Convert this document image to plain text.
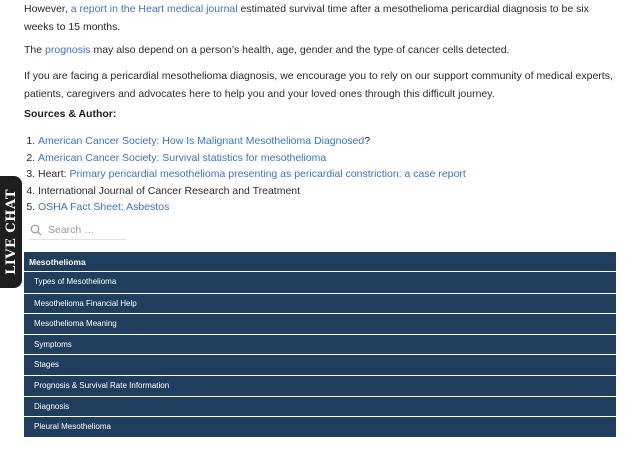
However, a report in the Heart medical journal estimated survival time after a mesothelioma pericardial diagnosis to be six weeks to 15 months.

The prognosis may also depend on a person’s health, age, gender and the type of cancer cells detected.

If you are facing a pericardial mesothelioma diagnosis, we encourage you to rely on our support community of medical experts, patients, caregivers and advocates here to help you and your loved ones through this difficult journey.

Sources & Author:
1. American Cancer Society: How Is Malignant Mesothelioma Diagnosed?
2. American Cancer Society: Survival statistics for mesothelioma
3. Heart: Primary pericardial mesothelioma presenting as pericardial constriction: a case report
4. International Journal of Cancer Research and Treatment
5. OSHA Fact Sheet: Asbestos
Search …
Mesothelioma
Types of Mesothelioma
Mesothelioma Financial Help
Mesothelioma Meaning
Symptoms
Stages
Prognosis & Survival Rate Information
Diagnosis
Pleural Mesothelioma
LIVE CHAT
